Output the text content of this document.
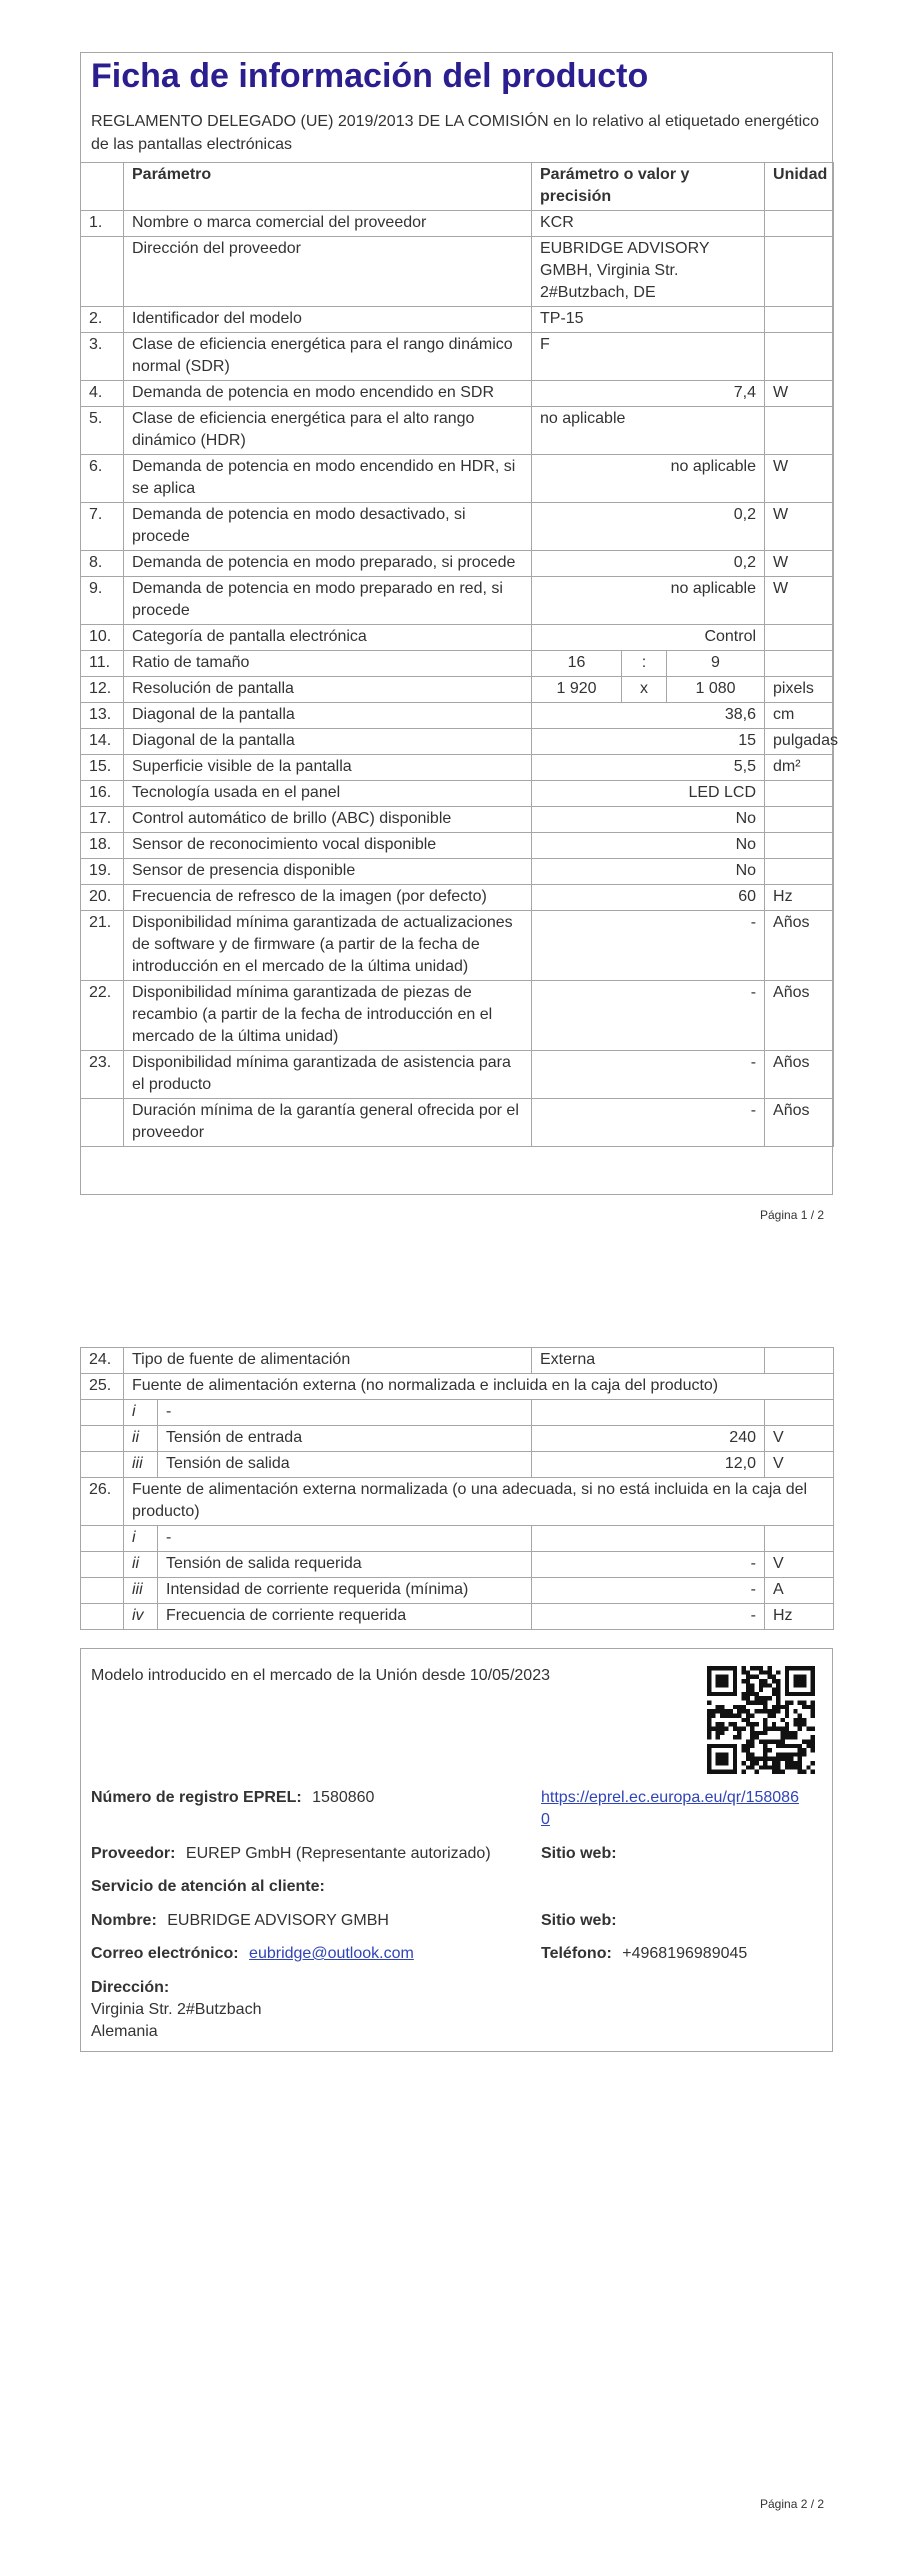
Ficha de información del producto
REGLAMENTO DELEGADO (UE) 2019/2013 DE LA COMISIÓN en lo relativo al etiquetado energético de las pantallas electrónicas
	Parámetro	Parámetro o valor y precisión			Unidad
1.	Nombre o marca comercial del proveedor	KCR			
	Dirección del proveedor	EUBRIDGE ADVISORY GMBH, Virginia Str. 2#Butzbach, DE			
2.	Identificador del modelo	TP-15			
3.	Clase de eficiencia energética para el rango dinámico normal (SDR)	F			
4.	Demanda de potencia en modo encendido en SDR	7,4			W
5.	Clase de eficiencia energética para el alto rango dinámico (HDR)	no aplicable			
6.	Demanda de potencia en modo encendido en HDR, si se aplica	no aplicable			W
7.	Demanda de potencia en modo desactivado, si procede	0,2			W
8.	Demanda de potencia en modo preparado, si procede	0,2			W
9.	Demanda de potencia en modo preparado en red, si procede	no aplicable			W
10.	Categoría de pantalla electrónica	Control			
11.	Ratio de tamaño	16	:	9	
12.	Resolución de pantalla	1 920	x	1 080	pixels
13.	Diagonal de la pantalla	38,6			cm
14.	Diagonal de la pantalla	15			pulgadas
15.	Superficie visible de la pantalla	5,5			dm²
16.	Tecnología usada en el panel	LED LCD			
17.	Control automático de brillo (ABC) disponible	No			
18.	Sensor de reconocimiento vocal disponible	No			
19.	Sensor de presencia disponible	No			
20.	Frecuencia de refresco de la imagen (por defecto)	60			Hz
21.	Disponibilidad mínima garantizada de actualizaciones de software y de firmware (a partir de la fecha de introducción en el mercado de la última unidad)	-			Años
22.	Disponibilidad mínima garantizada de piezas de recambio (a partir de la fecha de introducción en el mercado de la última unidad)	-			Años
23.	Disponibilidad mínima garantizada de asistencia para el producto	-			Años
	Duración mínima de la garantía general ofrecida por el proveedor	-			Años
Página 1 / 2
24.	Tipo de fuente de alimentación		Externa	
25.	Fuente de alimentación externa (no normalizada e incluida en la caja del producto)			
	i	-		
	ii	Tensión de entrada	240	V
	iii	Tensión de salida	12,0	V
26.	Fuente de alimentación externa normalizada (o una adecuada, si no está incluida en la caja del producto)			
	i	-		
	ii	Tensión de salida requerida	-	V
	iii	Intensidad de corriente requerida (mínima)	-	A
	iv	Frecuencia de corriente requerida	-	Hz
Modelo introducido en el mercado de la Unión desde 10/05/2023
Número de registro EPREL: 1580860	https://eprel.ec.europa.eu/qr/1580860
Proveedor: EUREP GmbH (Representante autorizado)	Sitio web:
Servicio de atención al cliente:
Nombre: EUBRIDGE ADVISORY GMBH	Sitio web:
Correo electrónico: eubridge@outlook.com	Teléfono: +4968196989045
Dirección:
Virginia Str. 2#Butzbach
Alemania
Página 2 / 2
